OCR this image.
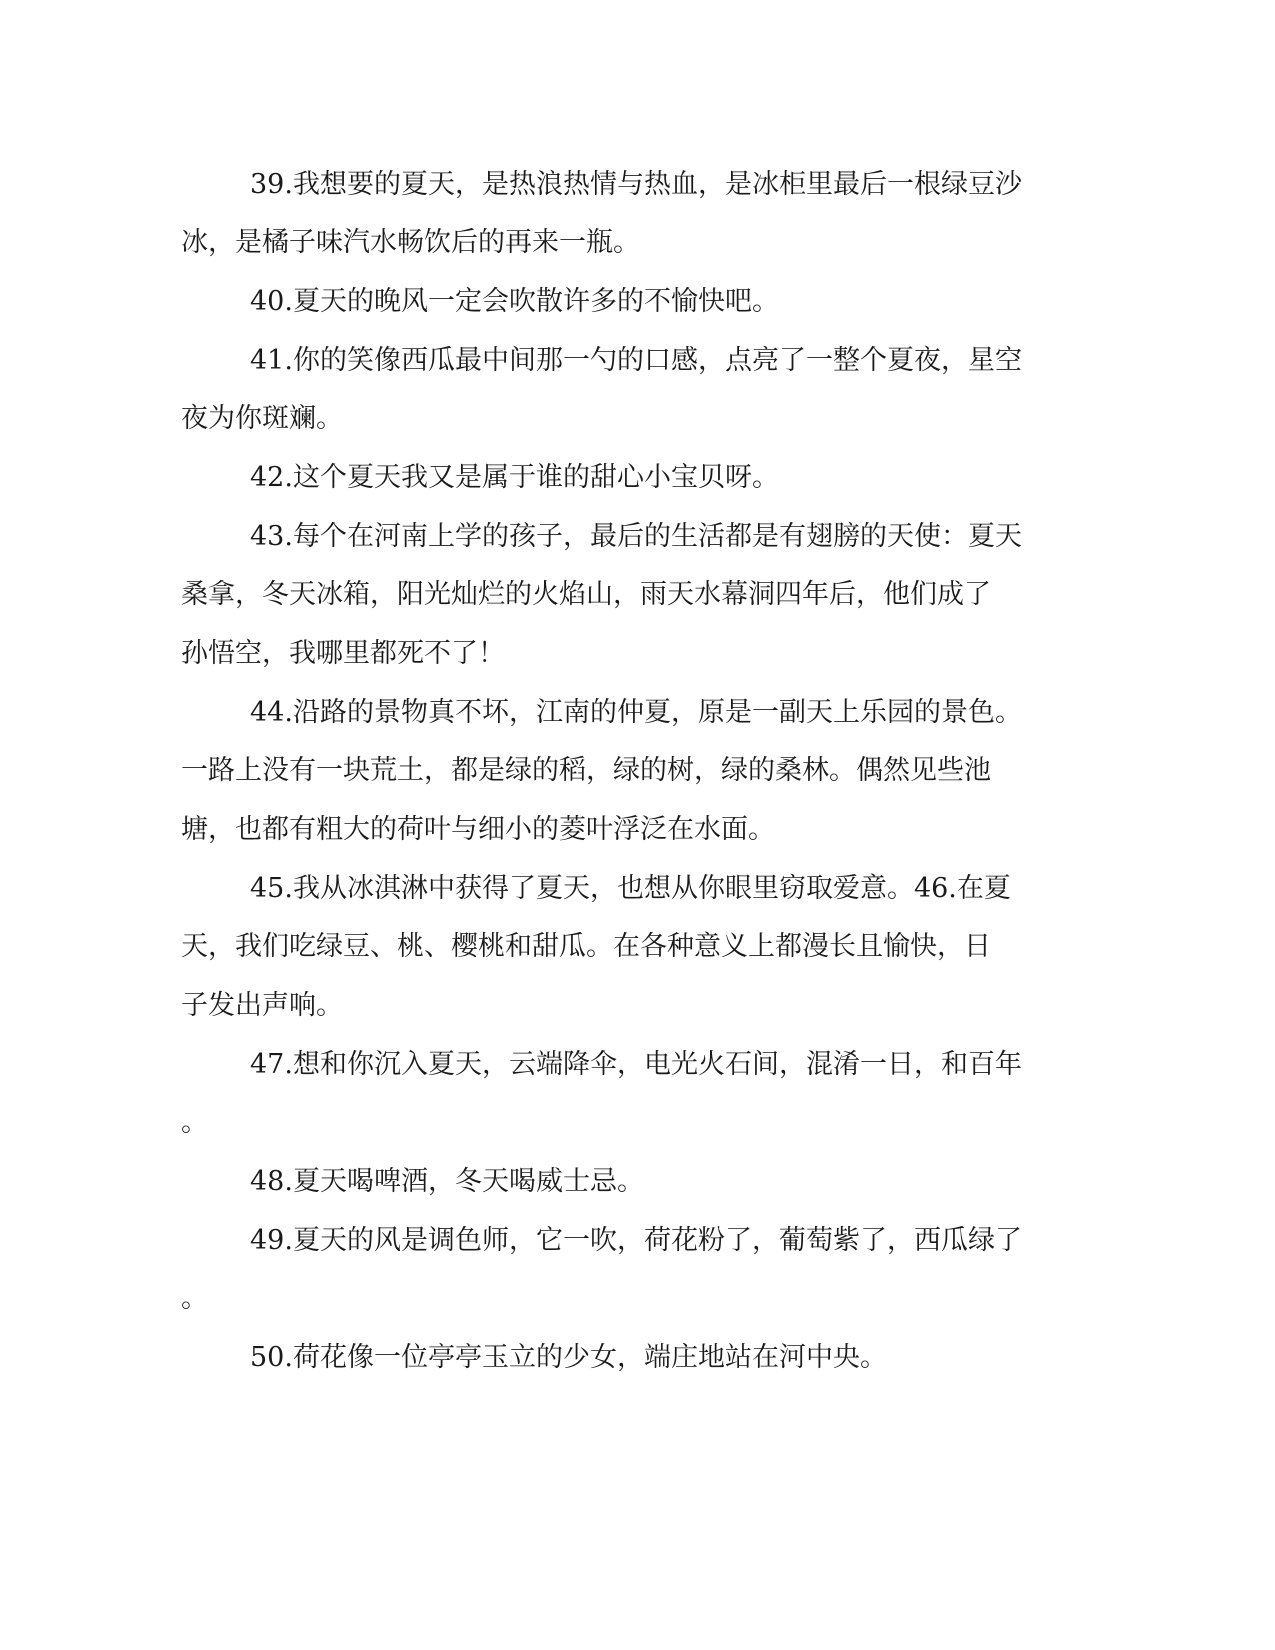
39.我想要的夏天，是热浪热情与热血，是冰柜里最后一根绿豆沙

冰，是橘子味汽水畅饮后的再来一瓶。

40.夏天的晚风一定会吹散许多的不愉快吧。

41.你的笑像西瓜最中间那一勺的口感，点亮了一整个夏夜，星空

夜为你斑斓。

42.这个夏天我又是属于谁的甜心小宝贝呀。

43.每个在河南上学的孩子，最后的生活都是有翅膀的天使：夏天

桑拿，冬天冰箱，阳光灿烂的火焰山，雨天水幕洞四年后，他们成了

孙悟空，我哪里都死不了！

44.沿路的景物真不坏，江南的仲夏，原是一副天上乐园的景色。

一路上没有一块荒土，都是绿的稻，绿的树，绿的桑林。偶然见些池

塘，也都有粗大的荷叶与细小的菱叶浮泛在水面。

45.我从冰淇淋中获得了夏天，也想从你眼里窃取爱意。46.在夏

天，我们吃绿豆、桃、樱桃和甜瓜。在各种意义上都漫长且愉快，日

子发出声响。

47.想和你沉入夏天，云端降伞，电光火石间，混淆一日，和百年

。

48.夏天喝啤酒，冬天喝威士忌。

49.夏天的风是调色师，它一吹，荷花粉了，葡萄紫了，西瓜绿了

。

50.荷花像一位亭亭玉立的少女，端庄地站在河中央。
